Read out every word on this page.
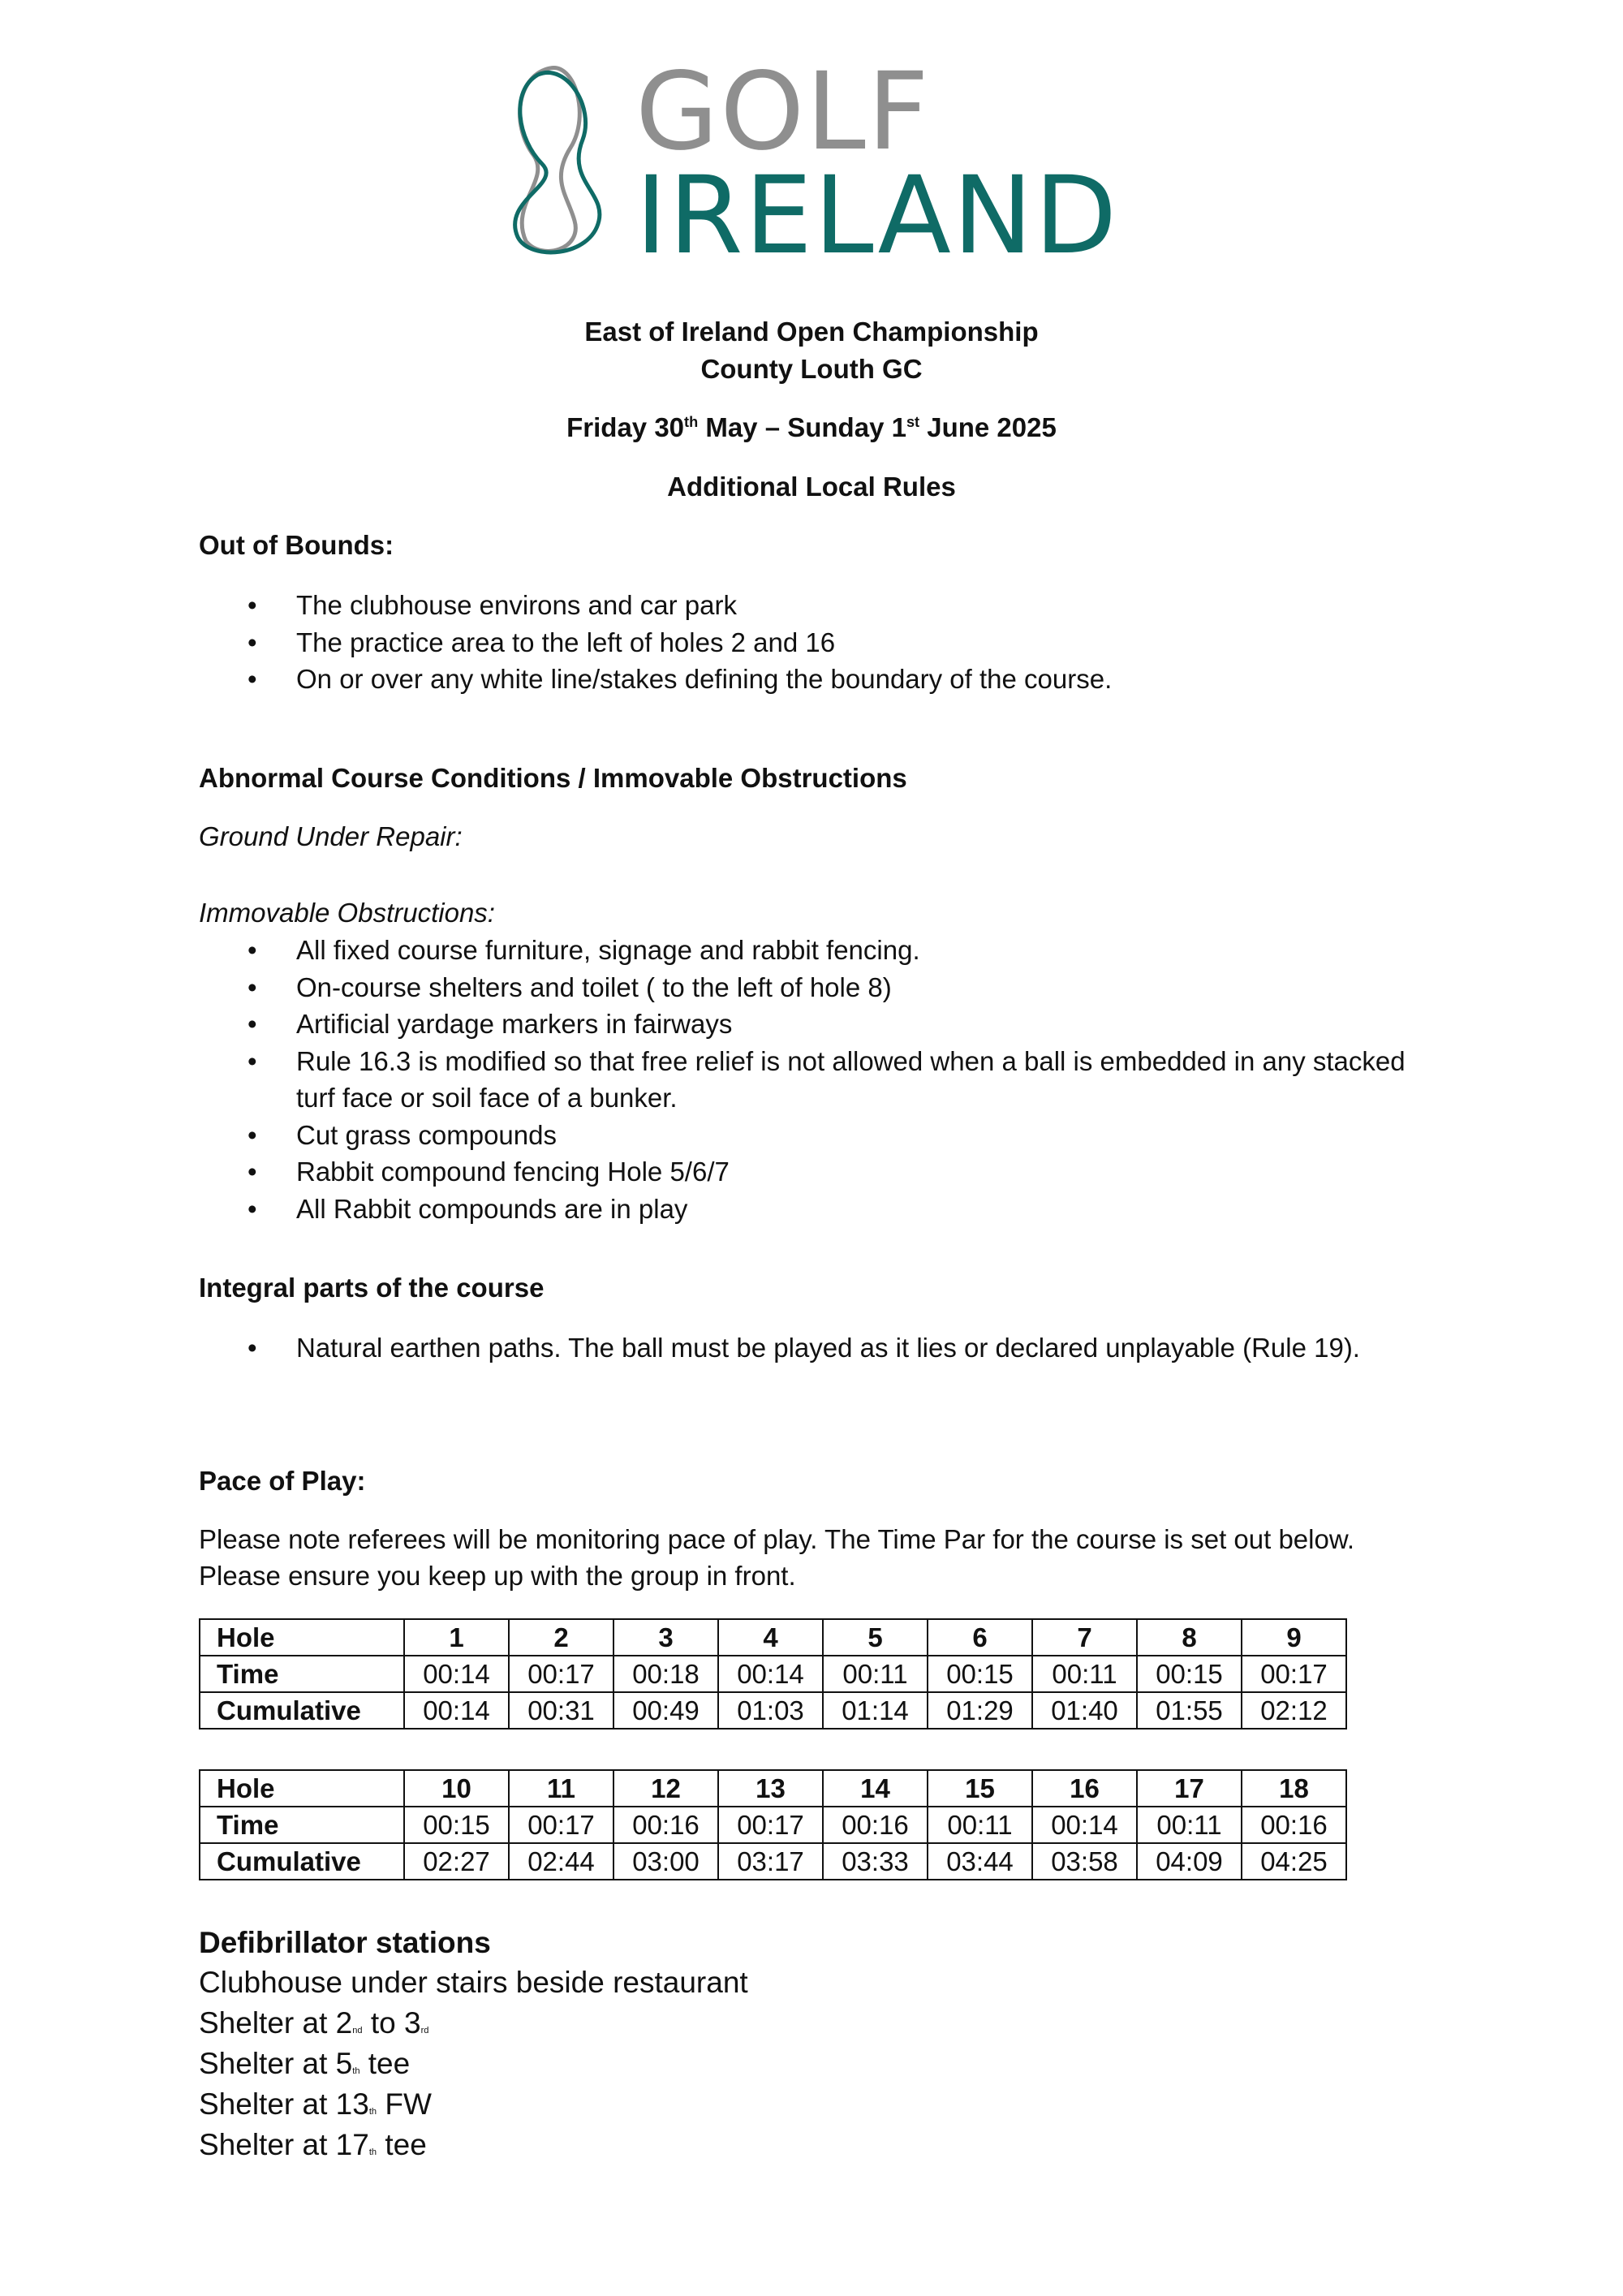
GOLF
IRELAND
East of Ireland Open Championship
County Louth GC
Friday 30th May – Sunday 1st June 2025
Additional Local Rules
Out of Bounds:
• The clubhouse environs and car park
• The practice area to the left of holes 2 and 16
• On or over any white line/stakes defining the boundary of the course.
Abnormal Course Conditions / Immovable Obstructions
Ground Under Repair:
Immovable Obstructions:
• All fixed course furniture, signage and rabbit fencing.
• On-course shelters and toilet ( to the left of hole 8)
• Artificial yardage markers in fairways
• Rule 16.3 is modified so that free relief is not allowed when a ball is embedded in any stacked turf face or soil face of a bunker.
• Cut grass compounds
• Rabbit compound fencing Hole 5/6/7
• All Rabbit compounds are in play
Integral parts of the course
• Natural earthen paths. The ball must be played as it lies or declared unplayable (Rule 19).
Pace of Play:
Please note referees will be monitoring pace of play. The Time Par for the course is set out below. Please ensure you keep up with the group in front.
Hole	1	2	3	4	5	6	7	8	9
Time	00:14	00:17	00:18	00:14	00:11	00:15	00:11	00:15	00:17
Cumulative	00:14	00:31	00:49	01:03	01:14	01:29	01:40	01:55	02:12
Hole	10	11	12	13	14	15	16	17	18
Time	00:15	00:17	00:16	00:17	00:16	00:11	00:14	00:11	00:16
Cumulative	02:27	02:44	03:00	03:17	03:33	03:44	03:58	04:09	04:25
Defibrillator stations
Clubhouse under stairs beside restaurant
Shelter at 2nd to 3rd
Shelter at 5th tee
Shelter at 13th FW
Shelter at 17th tee
